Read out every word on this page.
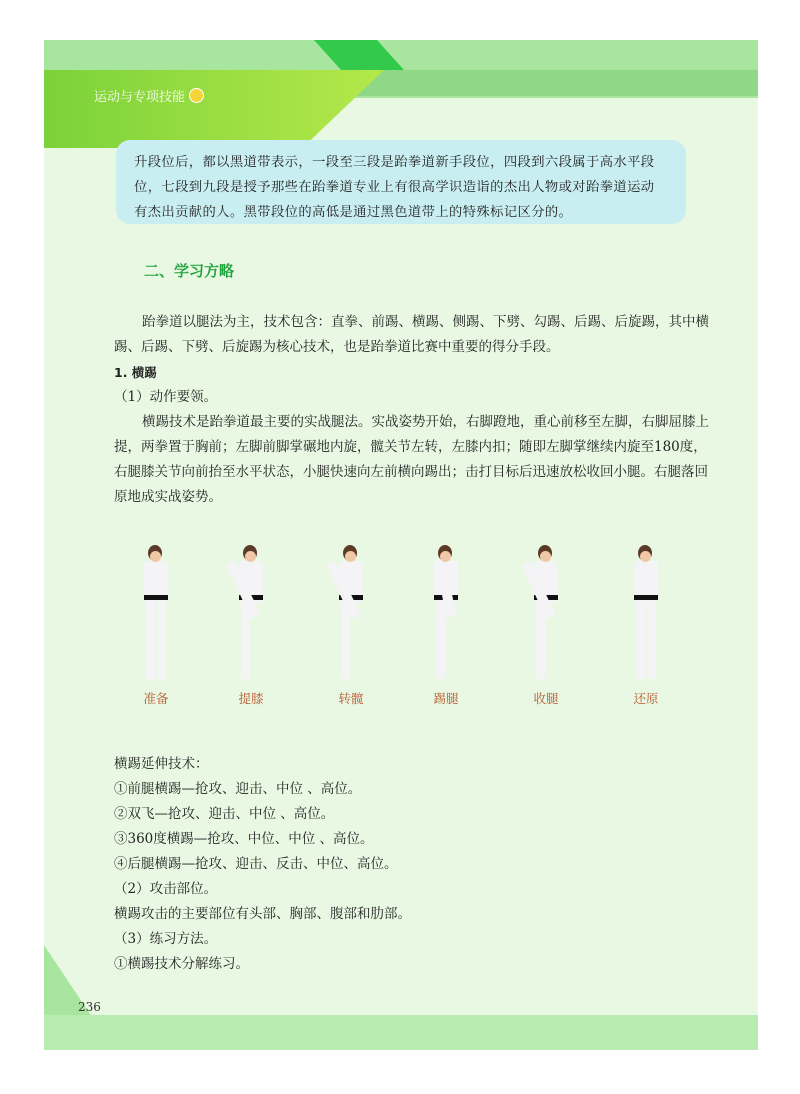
运动与专项技能
升段位后，都以黑道带表示，一段至三段是跆拳道新手段位，四段到六段属于高水平段位，七段到九段是授予那些在跆拳道专业上有很高学识造诣的杰出人物或对跆拳道运动有杰出贡献的人。黑带段位的高低是通过黑色道带上的特殊标记区分的。
二、学习方略
跆拳道以腿法为主，技术包含：直拳、前踢、横踢、侧踢、下劈、勾踢、后踢、后旋踢，其中横踢、后踢、下劈、后旋踢为核心技术，也是跆拳道比赛中重要的得分手段。
1. 横踢
（1）动作要领。
横踢技术是跆拳道最主要的实战腿法。实战姿势开始，右脚蹬地，重心前移至左脚，右脚屈膝上提，两拳置于胸前；左脚前脚掌碾地内旋，髋关节左转，左膝内扣；随即左脚掌继续内旋至180度，右腿膝关节向前抬至水平状态，小腿快速向左前横向踢出；击打目标后迅速放松收回小腿。右腿落回原地成实战姿势。
准备	提膝	转髋	踢腿	收腿	还原
横踢延伸技术：
①前腿横踢—抢攻、迎击、中位 、高位。
②双飞—抢攻、迎击、中位 、高位。
③360度横踢—抢攻、中位、中位 、高位。
④后腿横踢—抢攻、迎击、反击、中位、高位。
（2）攻击部位。
横踢攻击的主要部位有头部、胸部、腹部和肋部。
（3）练习方法。
①横踢技术分解练习。
236
